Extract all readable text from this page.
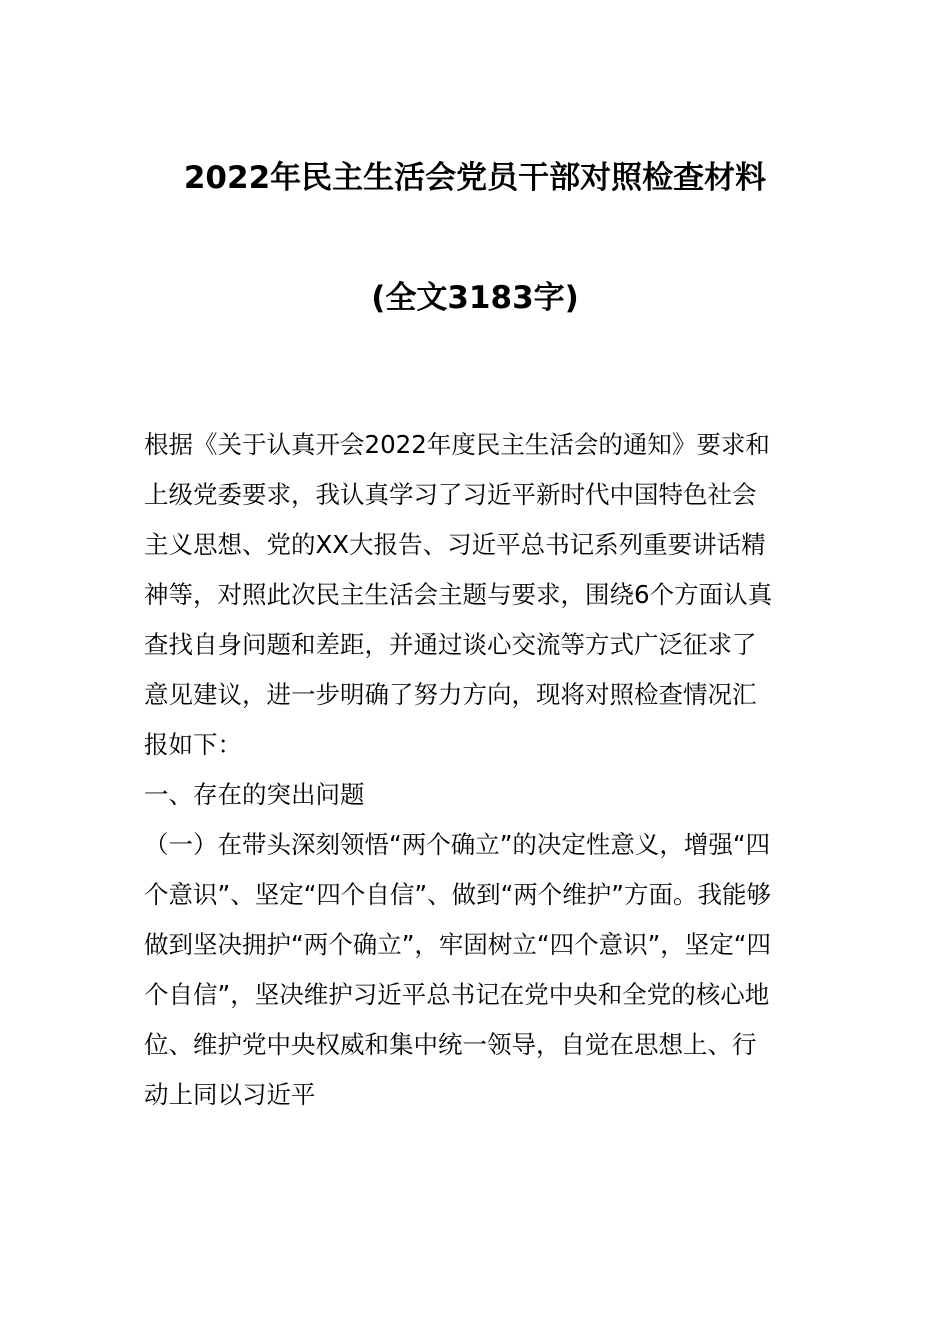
2022年民主生活会党员干部对照检查材料
(全文3183字)
根据《关于认真开会2022年度民主生活会的通知》要求和
上级党委要求，我认真学习了习近平新时代中国特色社会
主义思想、党的XX大报告、习近平总书记系列重要讲话精
神等，对照此次民主生活会主题与要求，围绕6个方面认真
查找自身问题和差距，并通过谈心交流等方式广泛征求了
意见建议，进一步明确了努力方向，现将对照检查情况汇
报如下：
一、存在的突出问题
（一）在带头深刻领悟“两个确立”的决定性意义，增强“四
个意识”、坚定“四个自信”、做到“两个维护”方面。我能够
做到坚决拥护“两个确立”，牢固树立“四个意识”，坚定“四
个自信”，坚决维护习近平总书记在党中央和全党的核心地
位、维护党中央权威和集中统一领导，自觉在思想上、行
动上同以习近平
